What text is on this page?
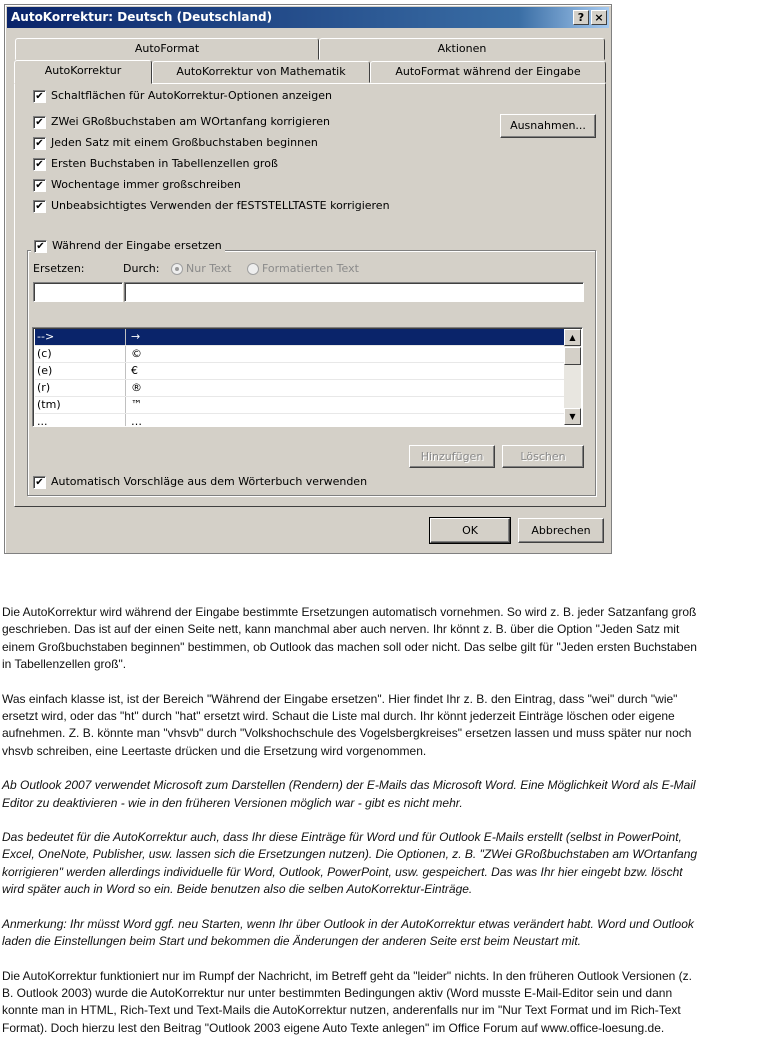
AutoKorrektur: Deutsch (Deutschland)	? ×
AutoFormat	Aktionen
AutoKorrektur	AutoKorrektur von Mathematik	AutoFormat während der Eingabe
✔ Schaltflächen für AutoKorrektur-Optionen anzeigen
✔ ZWei GRoßbuchstaben am WOrtanfang korrigieren
✔ Jeden Satz mit einem Großbuchstaben beginnen
✔ Ersten Buchstaben in Tabellenzellen groß
✔ Wochentage immer großschreiben
✔ Unbeabsichtigtes Verwenden der fESTSTELLTASTE korrigieren
Ausnahmen...
✔ Während der Eingabe ersetzen
Ersetzen:	Durch: Nur Text	Formatierten Text
-->	→
(c)	©
(e)	€
(r)	®
(tm)	™
...	…
▲
▼
Hinzufügen	Löschen
✔ Automatisch Vorschläge aus dem Wörterbuch verwenden
OK	Abbrechen

Die AutoKorrektur wird während der Eingabe bestimmte Ersetzungen automatisch vornehmen. So wird z. B. jeder Satzanfang groß
geschrieben. Das ist auf der einen Seite nett, kann manchmal aber auch nerven. Ihr könnt z. B. über die Option "Jeden Satz mit
einem Großbuchstaben beginnen" bestimmen, ob Outlook das machen soll oder nicht. Das selbe gilt für "Jeden ersten Buchstaben
in Tabellenzellen groß".

Was einfach klasse ist, ist der Bereich "Während der Eingabe ersetzen". Hier findet Ihr z. B. den Eintrag, dass "wei" durch "wie"
ersetzt wird, oder das "ht" durch "hat" ersetzt wird. Schaut die Liste mal durch. Ihr könnt jederzeit Einträge löschen oder eigene
aufnehmen. Z. B. könnte man "vhsvb" durch "Volkshochschule des Vogelsbergkreises" ersetzen lassen und muss später nur noch
vhsvb schreiben, eine Leertaste drücken und die Ersetzung wird vorgenommen.

Ab Outlook 2007 verwendet Microsoft zum Darstellen (Rendern) der E-Mails das Microsoft Word. Eine Möglichkeit Word als E-Mail
Editor zu deaktivieren - wie in den früheren Versionen möglich war - gibt es nicht mehr.

Das bedeutet für die AutoKorrektur auch, dass Ihr diese Einträge für Word und für Outlook E-Mails erstellt (selbst in PowerPoint,
Excel, OneNote, Publisher, usw. lassen sich die Ersetzungen nutzen). Die Optionen, z. B. "ZWei GRoßbuchstaben am WOrtanfang
korrigieren" werden allerdings individuelle für Word, Outlook, PowerPoint, usw. gespeichert. Das was Ihr hier eingebt bzw. löscht
wird später auch in Word so ein. Beide benutzen also die selben AutoKorrektur-Einträge.

Anmerkung: Ihr müsst Word ggf. neu Starten, wenn Ihr über Outlook in der AutoKorrektur etwas verändert habt. Word und Outlook
laden die Einstellungen beim Start und bekommen die Änderungen der anderen Seite erst beim Neustart mit.

Die AutoKorrektur funktioniert nur im Rumpf der Nachricht, im Betreff geht da "leider" nichts. In den früheren Outlook Versionen (z.
B. Outlook 2003) wurde die AutoKorrektur nur unter bestimmten Bedingungen aktiv (Word musste E-Mail-Editor sein und dann
konnte man in HTML, Rich-Text und Text-Mails die AutoKorrektur nutzen, anderenfalls nur im "Nur Text Format und im Rich-Text
Format). Doch hierzu lest den Beitrag "Outlook 2003 eigene Auto Texte anlegen" im Office Forum auf www.office-loesung.de.
